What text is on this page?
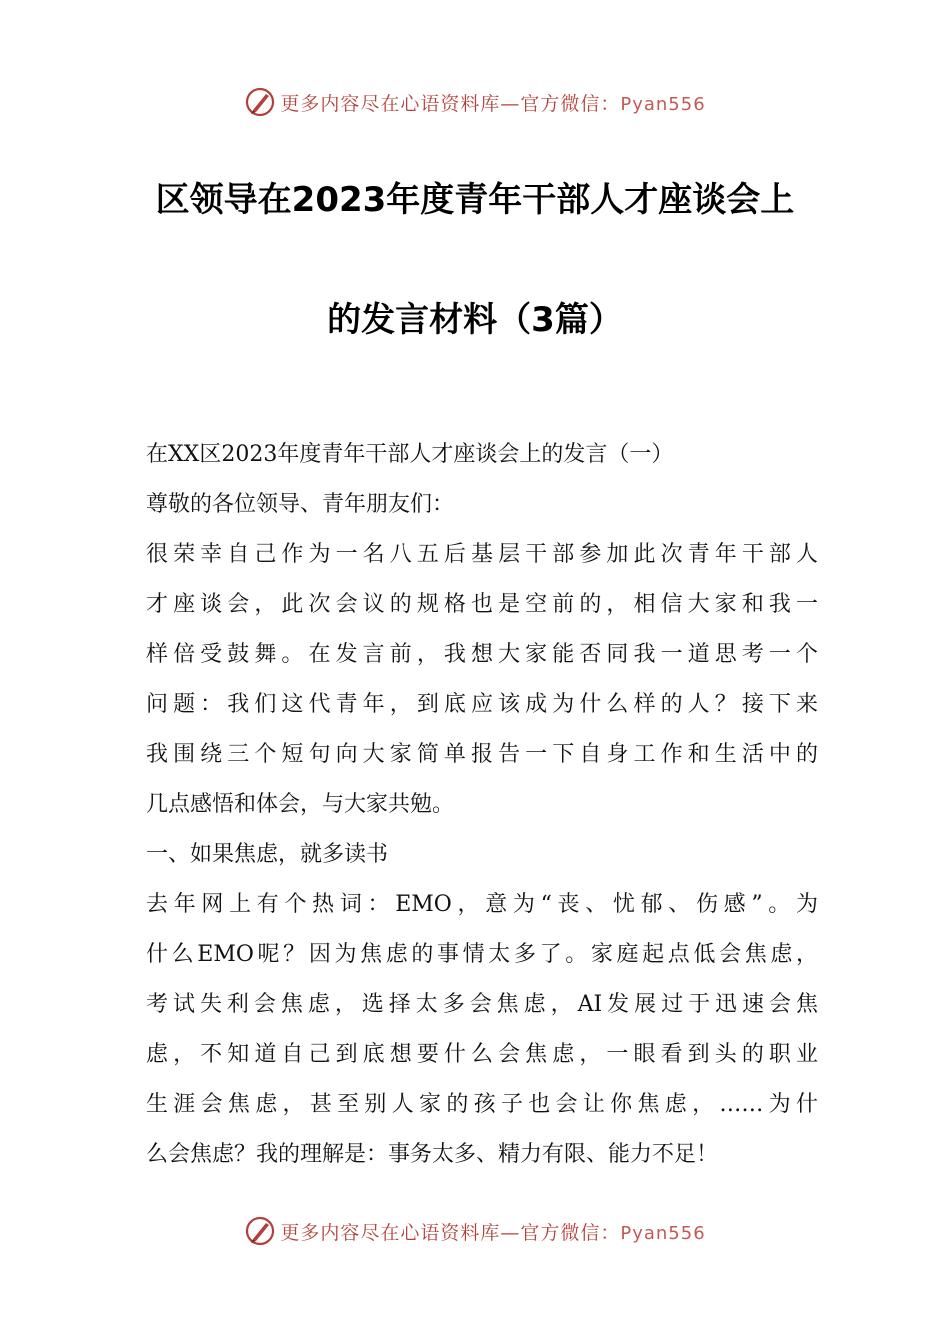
更多内容尽在心语资料库—官方微信：Pyan556
区领导在2023年度青年干部人才座谈会上
的发言材料（3篇）

在XX区2023年度青年干部人才座谈会上的发言（一）

尊敬的各位领导、青年朋友们：

很荣幸自己作为一名八五后基层干部参加此次青年干部人

才座谈会，此次会议的规格也是空前的，相信大家和我一

样倍受鼓舞。在发言前，我想大家能否同我一道思考一个

问题：我们这代青年，到底应该成为什么样的人？接下来

我围绕三个短句向大家简单报告一下自身工作和生活中的

几点感悟和体会，与大家共勉。

一、如果焦虑，就多读书

去年网上有个热词：EMO，意为“丧、忧郁、伤感”。为

什么EMO呢？因为焦虑的事情太多了。家庭起点低会焦虑，

考试失利会焦虑，选择太多会焦虑，AI发展过于迅速会焦

虑，不知道自己到底想要什么会焦虑，一眼看到头的职业

生涯会焦虑，甚至别人家的孩子也会让你焦虑，……为什

么会焦虑？我的理解是：事务太多、精力有限、能力不足！

更多内容尽在心语资料库—官方微信：Pyan556
